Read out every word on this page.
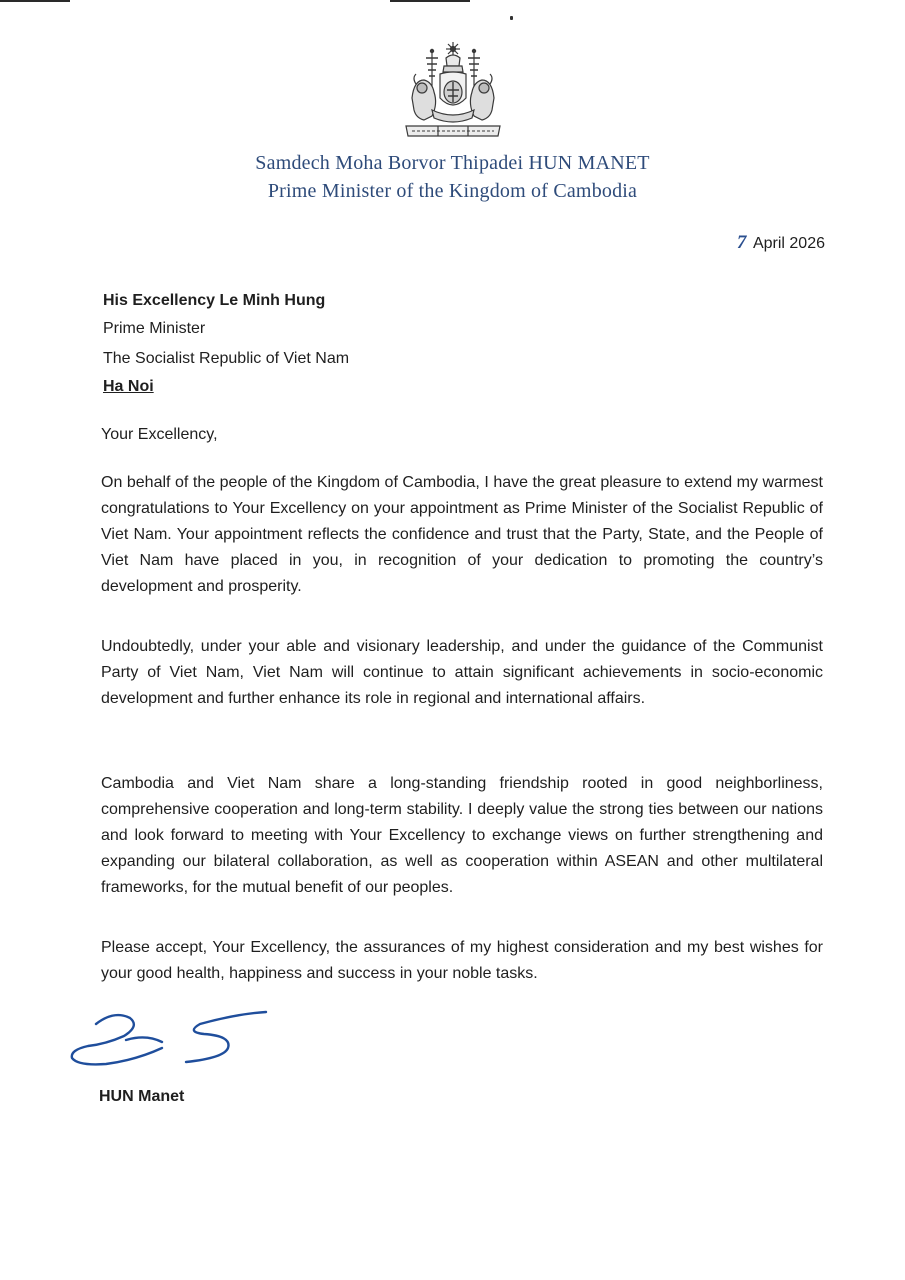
Samdech Moha Borvor Thipadei HUN MANET
Prime Minister of the Kingdom of Cambodia
7 April 2026
His Excellency Le Minh Hung
Prime Minister
The Socialist Republic of Viet Nam
Ha Noi
Your Excellency,
On behalf of the people of the Kingdom of Cambodia, I have the great pleasure to extend my warmest congratulations to Your Excellency on your appointment as Prime Minister of the Socialist Republic of Viet Nam. Your appointment reflects the confidence and trust that the Party, State, and the People of Viet Nam have placed in you, in recognition of your dedication to promoting the country’s development and prosperity.
Undoubtedly, under your able and visionary leadership, and under the guidance of the Communist Party of Viet Nam, Viet Nam will continue to attain significant achievements in socio-economic development and further enhance its role in regional and international affairs.
Cambodia and Viet Nam share a long-standing friendship rooted in good neighborliness, comprehensive cooperation and long-term stability. I deeply value the strong ties between our nations and look forward to meeting with Your Excellency to exchange views on further strengthening and expanding our bilateral collaboration, as well as cooperation within ASEAN and other multilateral frameworks, for the mutual benefit of our peoples.
Please accept, Your Excellency, the assurances of my highest consideration and my best wishes for your good health, happiness and success in your noble tasks.
HUN Manet
